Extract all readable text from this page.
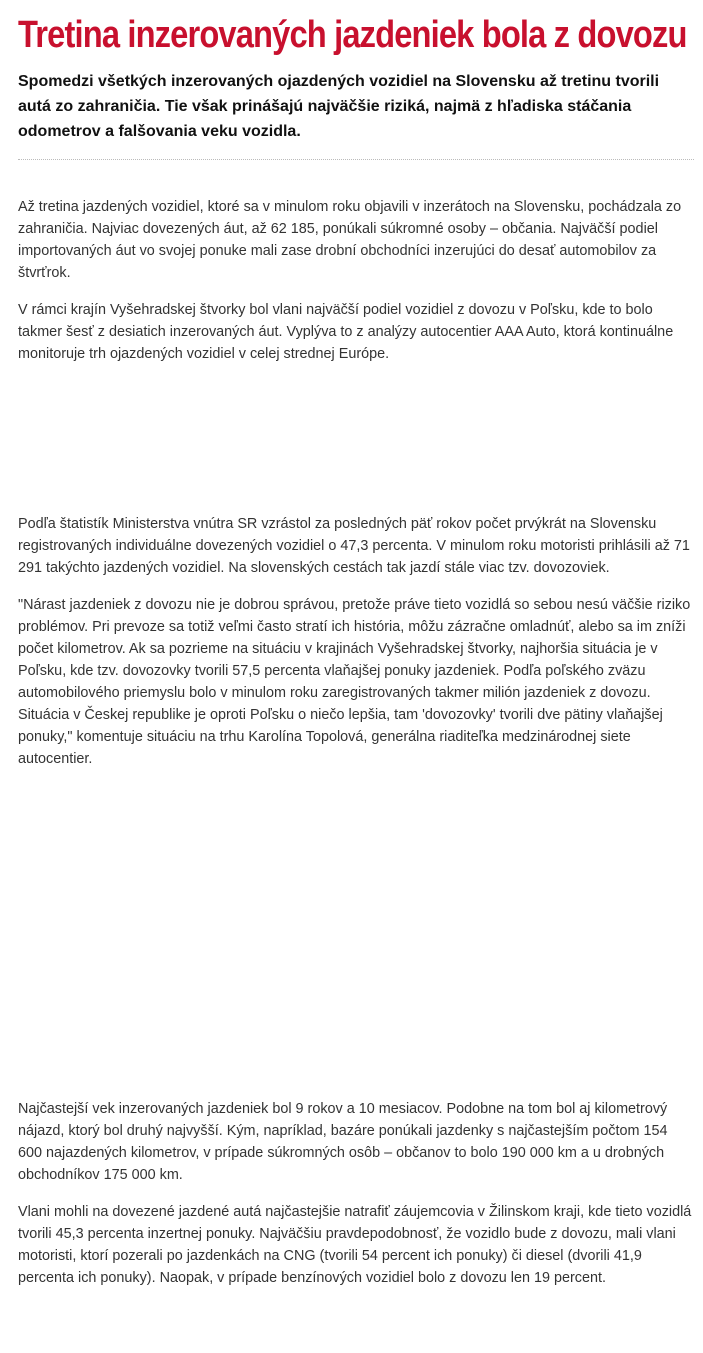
Tretina inzerovaných jazdeniek bola z dovozu

Spomedzi všetkých inzerovaných ojazdených vozidiel na Slovensku až tretinu tvorili autá zo zahraničia. Tie však prinášajú najväčšie riziká, najmä z hľadiska stáčania odometrov a falšovania veku vozidla.

Až tretina jazdených vozidiel, ktoré sa v minulom roku objavili v inzerátoch na Slovensku, pochádzala zo zahraničia. Najviac dovezených áut, až 62 185, ponúkali súkromné osoby – občania. Najväčší podiel importovaných áut vo svojej ponuke mali zase drobní obchodníci inzerujúci do desať automobilov za štvrťrok.

V rámci krajín Vyšehradskej štvorky bol vlani najväčší podiel vozidiel z dovozu v Poľsku, kde to bolo takmer šesť z desiatich inzerovaných áut. Vyplýva to z analýzy autocentier AAA Auto, ktorá kontinuálne monitoruje trh ojazdených vozidiel v celej strednej Európe.

Podľa štatistík Ministerstva vnútra SR vzrástol za posledných päť rokov počet prvýkrát na Slovensku registrovaných individuálne dovezených vozidiel o 47,3 percenta. V minulom roku motoristi prihlásili až 71 291 takýchto jazdených vozidiel. Na slovenských cestách tak jazdí stále viac tzv. dovozoviek.

"Nárast jazdeniek z dovozu nie je dobrou správou, pretože práve tieto vozidlá so sebou nesú väčšie riziko problémov. Pri prevoze sa totiž veľmi často stratí ich história, môžu zázračne omladnúť, alebo sa im zníži počet kilometrov. Ak sa pozrieme na situáciu v krajinách Vyšehradskej štvorky, najhoršia situácia je v Poľsku, kde tzv. dovozovky tvorili 57,5 percenta vlaňajšej ponuky jazdeniek. Podľa poľského zväzu automobilového priemyslu bolo v minulom roku zaregistrovaných takmer milión jazdeniek z dovozu. Situácia v Českej republike je oproti Poľsku o niečo lepšia, tam 'dovozovky' tvorili dve pätiny vlaňajšej ponuky," komentuje situáciu na trhu Karolína Topolová, generálna riaditeľka medzinárodnej siete autocentier.

Najčastejší vek inzerovaných jazdeniek bol 9 rokov a 10 mesiacov. Podobne na tom bol aj kilometrový nájazd, ktorý bol druhý najvyšší. Kým, napríklad, bazáre ponúkali jazdenky s najčastejším počtom 154 600 najazdených kilometrov, v prípade súkromných osôb – občanov to bolo 190 000 km a u drobných obchodníkov 175 000 km.

Vlani mohli na dovezené jazdené autá najčastejšie natrafiť záujemcovia v Žilinskom kraji, kde tieto vozidlá tvorili 45,3 percenta inzertnej ponuky. Najväčšiu pravdepodobnosť, že vozidlo bude z dovozu, mali vlani motoristi, ktorí pozerali po jazdenkách na CNG (tvorili 54 percent ich ponuky) či diesel (dvorili 41,9 percenta ich ponuky). Naopak, v prípade benzínových vozidiel bolo z dovozu len 19 percent.
